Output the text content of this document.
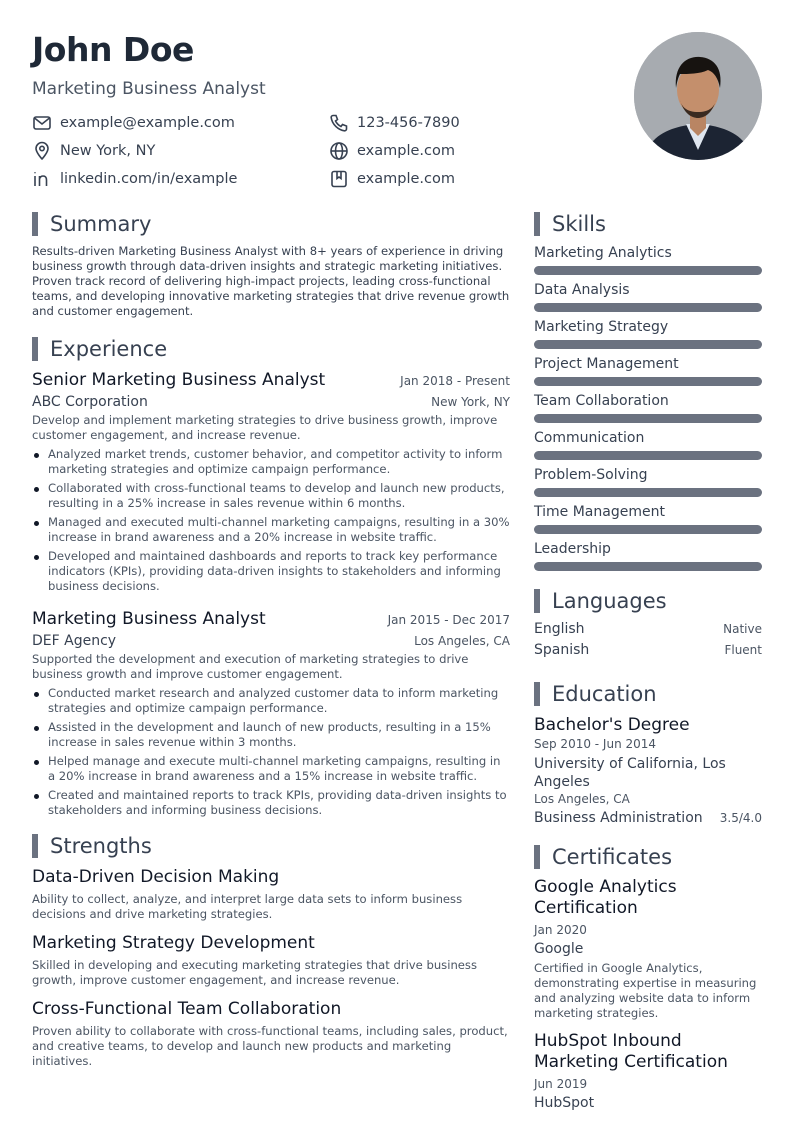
John Doe
Marketing Business Analyst
example@example.com	123-456-7890
New York, NY	example.com
linkedin.com/in/example	example.com
Summary

Results-driven Marketing Business Analyst with 8+ years of experience in driving business growth through data-driven insights and strategic marketing initiatives. Proven track record of delivering high-impact projects, leading cross-functional teams, and developing innovative marketing strategies that drive revenue growth and customer engagement.

Experience
Senior Marketing Business Analyst	Jan 2018 - Present
ABC Corporation	New York, NY

Develop and implement marketing strategies to drive business growth, improve customer engagement, and increase revenue.

Analyzed market trends, customer behavior, and competitor activity to inform marketing strategies and optimize campaign performance.
Collaborated with cross-functional teams to develop and launch new products, resulting in a 25% increase in sales revenue within 6 months.
Managed and executed multi-channel marketing campaigns, resulting in a 30% increase in brand awareness and a 20% increase in website traffic.
Developed and maintained dashboards and reports to track key performance indicators (KPIs), providing data-driven insights to stakeholders and informing business decisions.
Marketing Business Analyst	Jan 2015 - Dec 2017
DEF Agency	Los Angeles, CA

Supported the development and execution of marketing strategies to drive business growth and improve customer engagement.

Conducted market research and analyzed customer data to inform marketing strategies and optimize campaign performance.
Assisted in the development and launch of new products, resulting in a 15% increase in sales revenue within 3 months.
Helped manage and execute multi-channel marketing campaigns, resulting in a 20% increase in brand awareness and a 15% increase in website traffic.
Created and maintained reports to track KPIs, providing data-driven insights to stakeholders and informing business decisions.
Strengths
Data-Driven Decision Making

Ability to collect, analyze, and interpret large data sets to inform business decisions and drive marketing strategies.

Marketing Strategy Development

Skilled in developing and executing marketing strategies that drive business growth, improve customer engagement, and increase revenue.

Cross-Functional Team Collaboration

Proven ability to collaborate with cross-functional teams, including sales, product, and creative teams, to develop and launch new products and marketing initiatives.

Skills
Marketing Analytics
Data Analysis
Marketing Strategy
Project Management
Team Collaboration
Communication
Problem-Solving
Time Management
Leadership
Languages
English	Native
Spanish	Fluent
Education
Bachelor's Degree
Sep 2010 - Jun 2014
University of California, Los Angeles
Los Angeles, CA
Business Administration 3.5/4.0
Certificates
Google Analytics Certification
Jan 2020
Google

Certified in Google Analytics, demonstrating expertise in measuring and analyzing website data to inform marketing strategies.

HubSpot Inbound Marketing Certification
Jun 2019
HubSpot
